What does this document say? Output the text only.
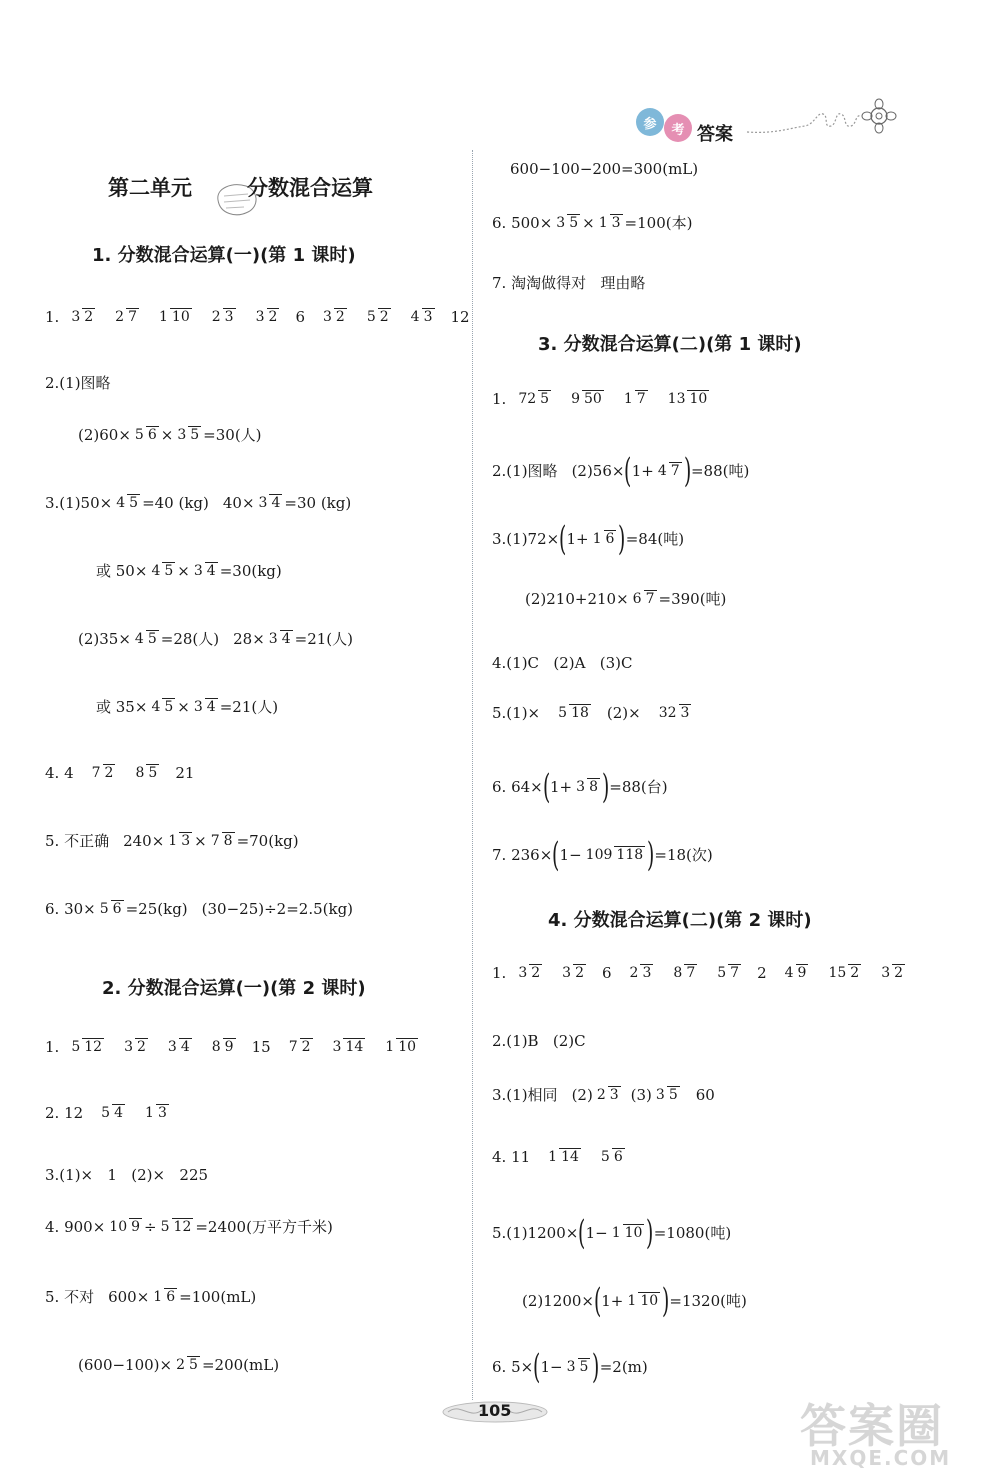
参 考 答案
第二单元	分数混合运算
1. 分数混合运算(一)(第 1 课时)
1. 3 2 2 7 1 10 2 3 3 2 6 3 2 5 2 4 3 12
2.(1)图略
(2)60× 5 6 × 3 5 =30(人)
3.(1)50× 4 5 =40 (kg) 40× 3 4 =30 (kg)
或 50× 4 5 × 3 4 =30(kg)
(2)35× 4 5 =28(人) 28× 3 4 =21(人)
或 35× 4 5 × 3 4 =21(人)
4. 4 7 2 8 5 21
5. 不正确 240× 1 3 × 7 8 =70(kg)
6. 30× 5 6 =25(kg) (30−25)÷2=2.5(kg)
2. 分数混合运算(一)(第 2 课时)
1. 5 12 3 2 3 4 8 9 15 7 2 3 14 1 10
2. 12 5 4 1 3
3.(1)×   1   (2)×   225
4. 900× 10 9 ÷ 5 12 =2400(万平方千米)
5. 不对 600× 1 6 =100(mL)
(600−100)× 2 5 =200(mL)
600−100−200=300(mL)
6. 500× 3 5 × 1 3 =100(本)
7. 淘淘做得对   理由略
3. 分数混合运算(二)(第 1 课时)
1. 72 5 9 50 1 7 13 10
2.(1)图略 (2)56× ( 1+ 4 7 ) =88(吨)
3.(1)72× ( 1+ 1 6 ) =84(吨)
(2)210+210× 6 7 =390(吨)
4.(1)C   (2)A   (3)C
5.(1)× 5 18 (2)× 32 3
6. 64× ( 1+ 3 8 ) =88(台)
7. 236× ( 1− 109 118 ) =18(次)
4. 分数混合运算(二)(第 2 课时)
1. 3 2 3 2 6 2 3 8 7 5 7 2 4 9 15 2 3 2
2.(1)B   (2)C
3.(1)相同 (2) 2 3 (3) 3 5 60
4. 11 1 14 5 6
5.(1)1200× ( 1− 1 10 ) =1080(吨)
(2)1200× ( 1+ 1 10 ) =1320(吨)
6. 5× ( 1− 3 5 ) =2(m)
105	答案圈
MXQE.COM
